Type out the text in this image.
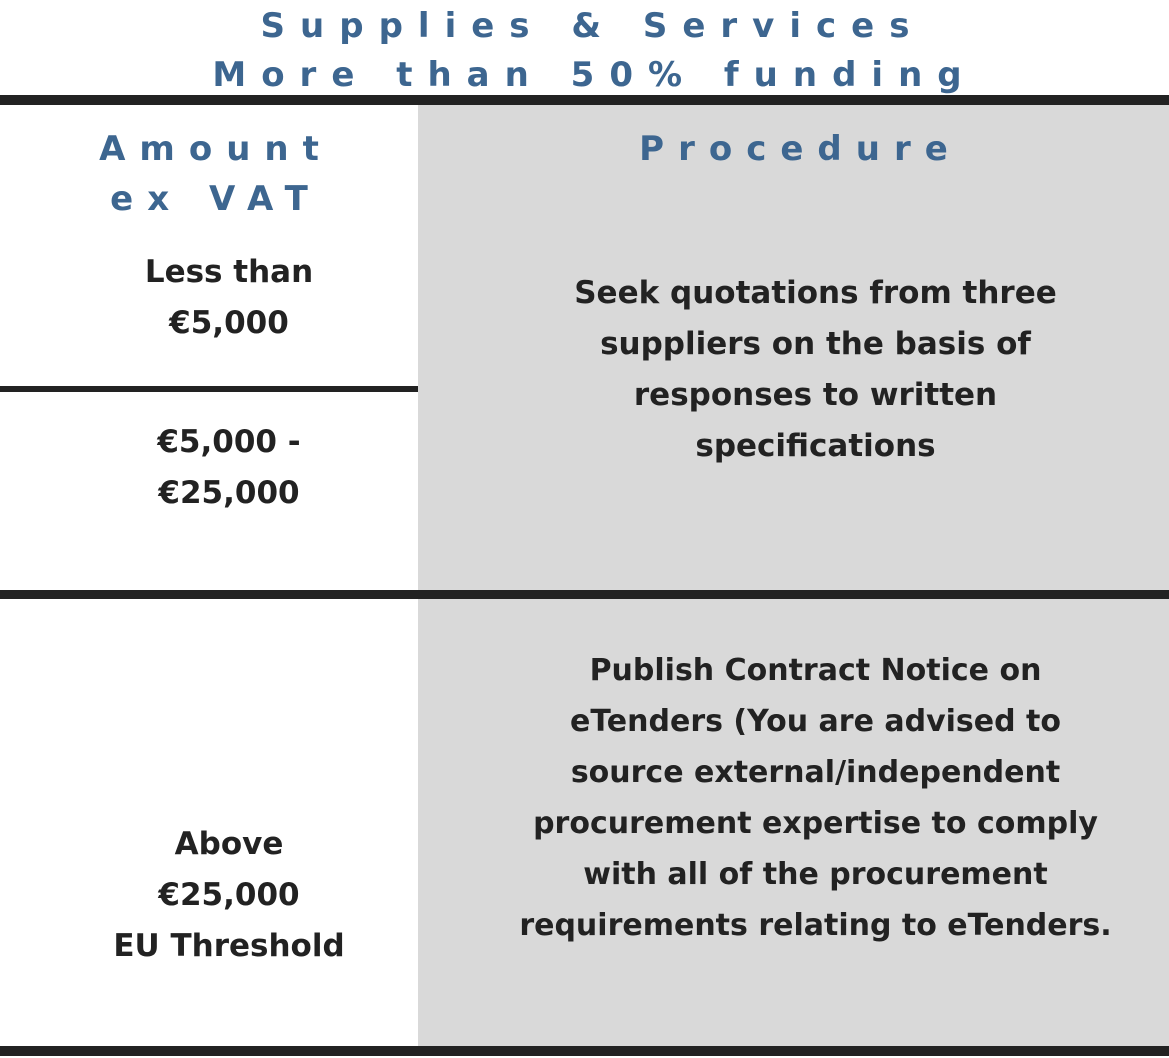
Supplies & Services
More than 50% funding
Amount
ex VAT
Procedure
Less than
€5,000
€5,000 -
€25,000
Seek quotations from three
suppliers on the basis of
responses to written
specifications
Above
€25,000
EU Threshold
Publish Contract Notice on
eTenders (You are advised to
source external/independent
procurement expertise to comply
with all of the procurement
requirements relating to eTenders.
